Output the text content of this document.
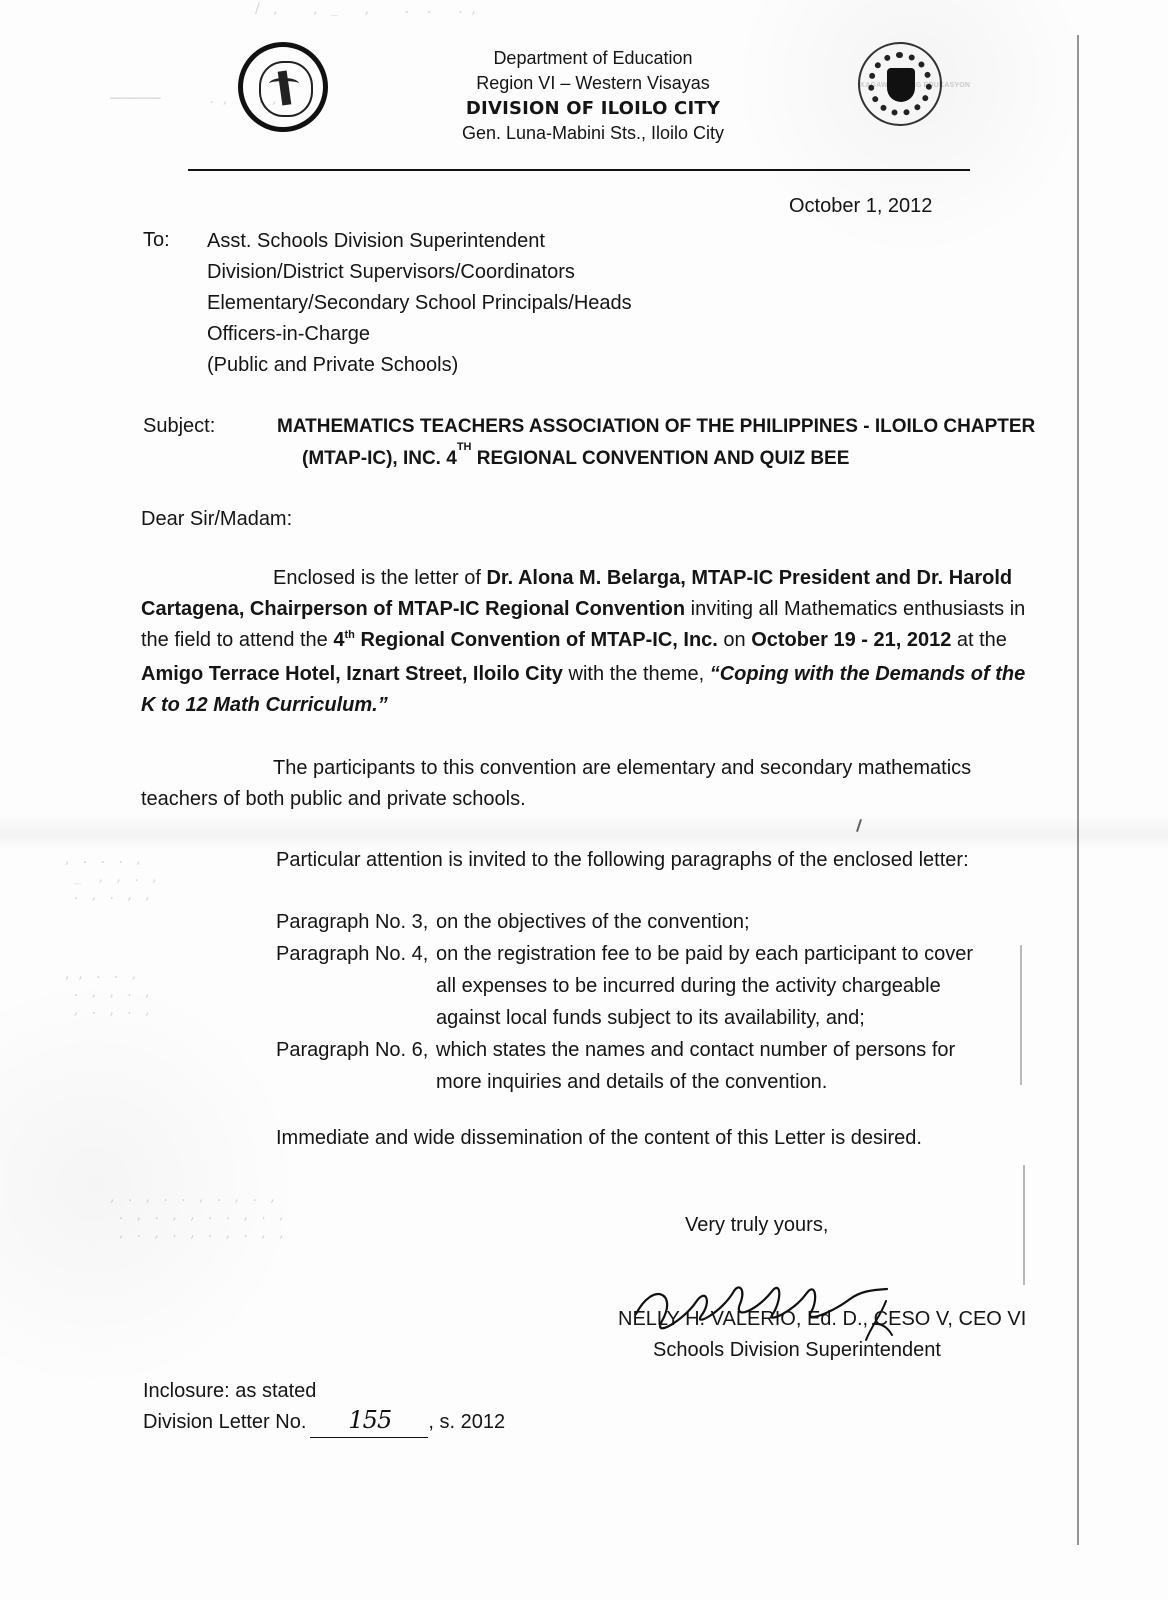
/   ,        ,   _      ,        .    .      .  ,
──────           .  ,   ,   .  ,
,   .   .   .   ,
_    ,   ,   .   ,
.   ,   .   ,   ,
,  ,   .   .   ,
.   ,   ,   .   ,
,   .   ,   .   ,
,   .   ,   .   .   ,   .   ,   .   ,
.   ,   .   ,   ,   .   .   ,   .   ,
,   .   ,   .   ,   .   ,   .   ,   ,
Department of Education
Region VI – Western Visayas
DIVISION OF ILOILO CITY
Gen. Luna-Mabini Sts., Iloilo City
KAGAWARAN NG EDUKASYON
October 1, 2012
To: Asst. Schools Division Superintendent
Division/District Supervisors/Coordinators
Elementary/Secondary School Principals/Heads
Officers-in-Charge
(Public and Private Schools)
Subject:	MATHEMATICS TEACHERS ASSOCIATION OF THE PHILIPPINES - ILOILO CHAPTER
(MTAP-IC), INC. 4TH REGIONAL CONVENTION AND QUIZ BEE
Dear Sir/Madam:
Enclosed is the letter of Dr. Alona M. Belarga, MTAP-IC President and Dr. Harold Cartagena, Chairperson of MTAP-IC Regional Convention inviting all Mathematics enthusiasts in the field to attend the 4th Regional Convention of MTAP-IC, Inc. on October 19 - 21, 2012 at the Amigo Terrace Hotel, Iznart Street, Iloilo City with the theme, “Coping with the Demands of the K to 12 Math Curriculum.”
The participants to this convention are elementary and secondary mathematics teachers of both public and private schools.
Particular attention is invited to the following paragraphs of the enclosed letter:
Paragraph No. 3, on the objectives of the convention;
Paragraph No. 4, on the registration fee to be paid by each participant to cover
all expenses to be incurred during the activity chargeable
against local funds subject to its availability, and;
Paragraph No. 6, which states the names and contact number of persons for
more inquiries and details of the convention.
Immediate and wide dissemination of the content of this Letter is desired.
Very truly yours,
NELLY H. VALERIO, Ed. D., CESO V, CEO VI
Schools Division Superintendent
Inclosure: as stated
Division Letter No. 155 , s. 2012
